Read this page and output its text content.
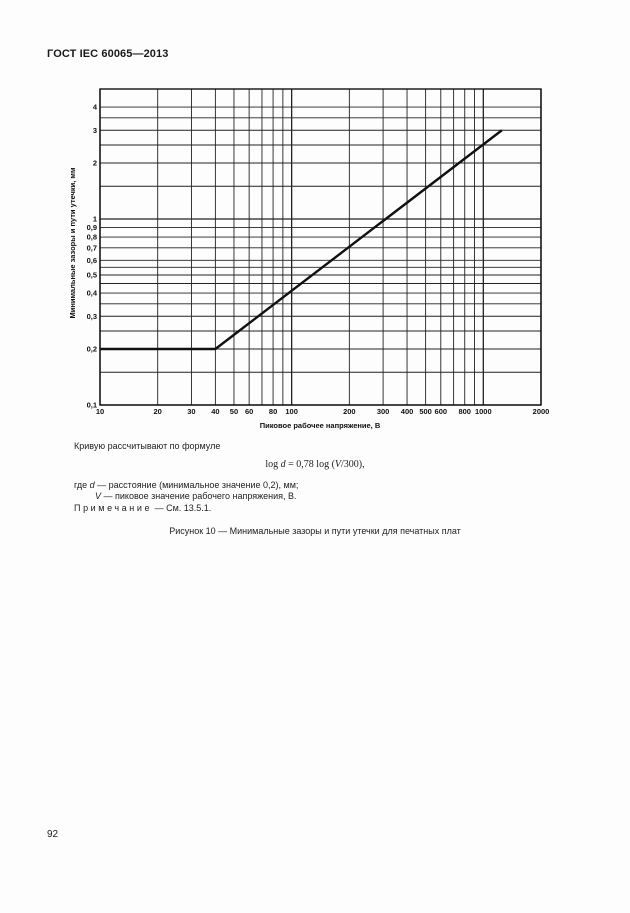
ГОСТ IEC 60065—2013
10	20	30 40 50 60 80 100	200	300 400 500 600 800 1000	2000
0,1
0,2
0,3
0,4
0,5
0,6
0,7
0,8
0,9
1
2
3
4
Пиковое рабочее напряжение, В
Минимальные зазоры и пути утечки, мм
Кривую рассчитывают по формуле
log d = 0,78 log (V/300),
где d — расстояние (минимальное значение 0,2), мм;
V — пиковое значение рабочего напряжения, В.
Примечание — См. 13.5.1.
Рисунок 10 — Минимальные зазоры и пути утечки для печатных плат
92
